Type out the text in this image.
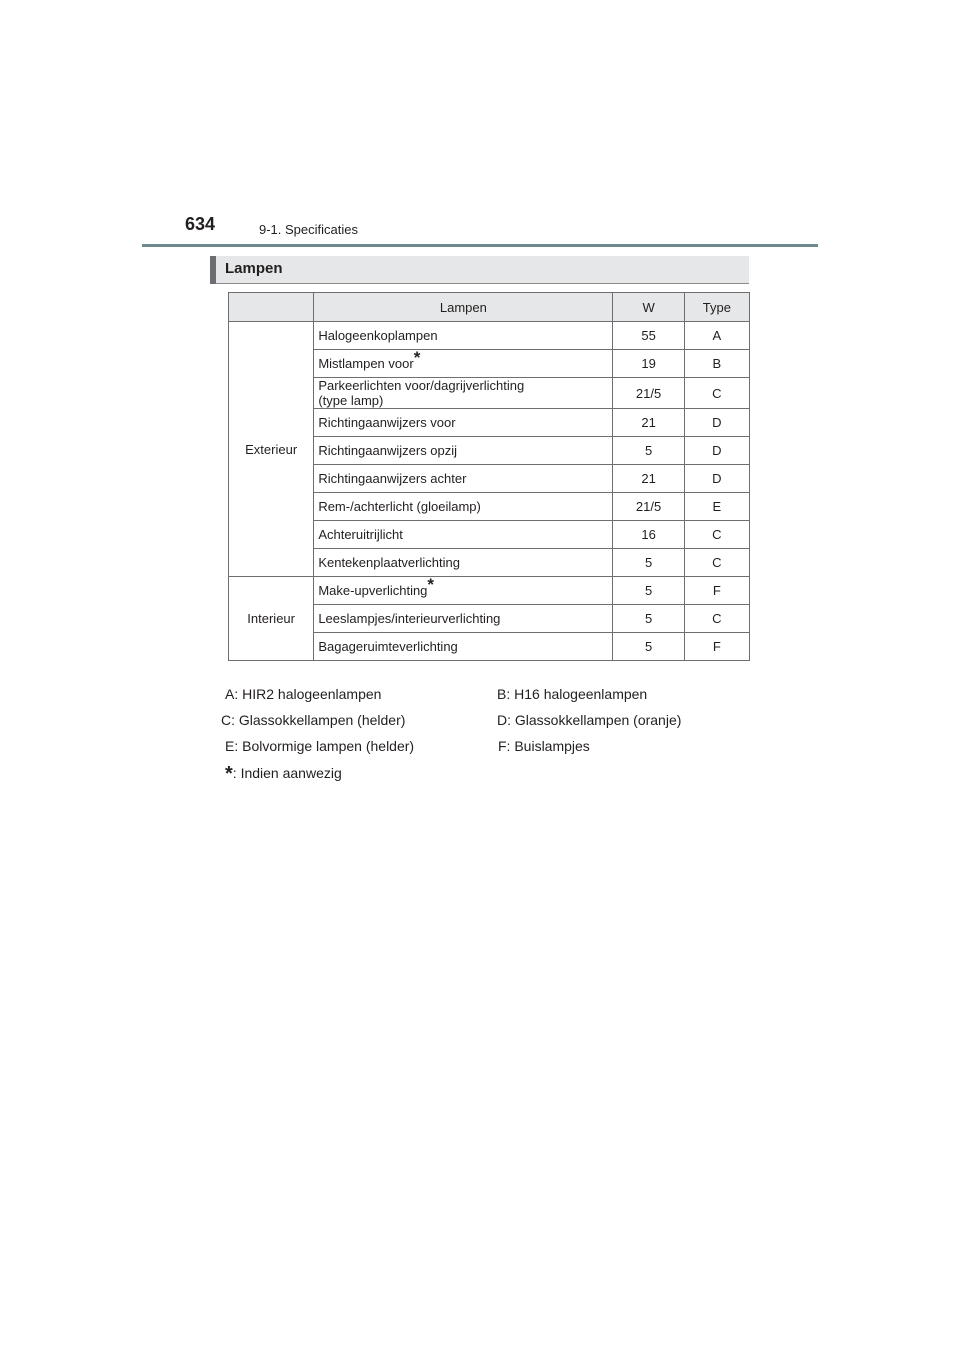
634	9-1. Specificaties
Lampen
	Lampen	W	Type
Exterieur	Halogeenkoplampen	55	A
	Mistlampen voor*	19	B
	Parkeerlichten voor/dagrijverlichting
(type lamp)	21/5	C
	Richtingaanwijzers voor	21	D
	Richtingaanwijzers opzij	5	D
	Richtingaanwijzers achter	21	D
	Rem-/achterlicht (gloeilamp)	21/5	E
	Achteruitrijlicht	16	C
	Kentekenplaatverlichting	5	C
Interieur	Make-upverlichting*	5	F
	Leeslampjes/interieurverlichting	5	C
	Bagageruimteverlichting	5	F
A: HIR2 halogeenlampen	B: H16 halogeenlampen
C: Glassokkellampen (helder)	D: Glassokkellampen (oranje)
E: Bolvormige lampen (helder)	F: Buislampjes
*: Indien aanwezig
